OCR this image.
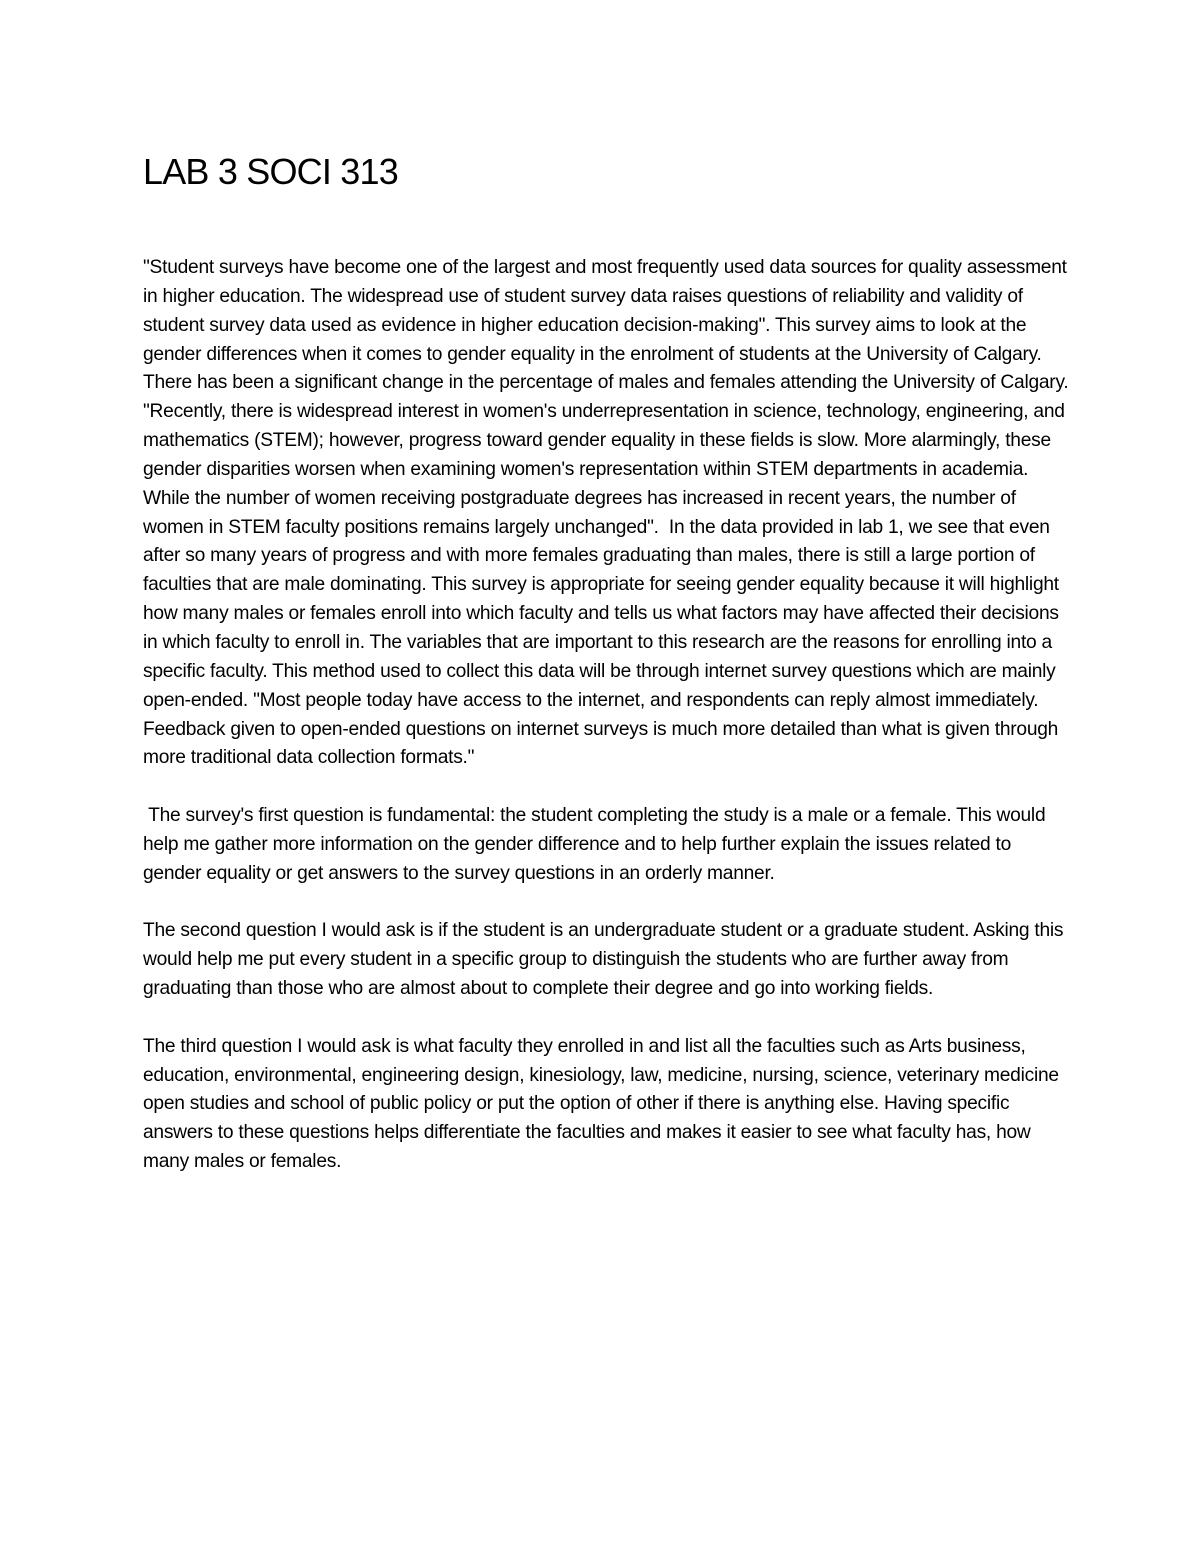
LAB 3 SOCI 313

"Student surveys have become one of the largest and most frequently used data sources for quality assessment in higher education. The widespread use of student survey data raises questions of reliability and validity of student survey data used as evidence in higher education decision-making". This survey aims to look at the gender differences when it comes to gender equality in the enrolment of students at the University of Calgary. There has been a significant change in the percentage of males and females attending the University of Calgary. "Recently, there is widespread interest in women's underrepresentation in science, technology, engineering, and mathematics (STEM); however, progress toward gender equality in these fields is slow. More alarmingly, these gender disparities worsen when examining women's representation within STEM departments in academia. While the number of women receiving postgraduate degrees has increased in recent years, the number of women in STEM faculty positions remains largely unchanged".  In the data provided in lab 1, we see that even after so many years of progress and with more females graduating than males, there is still a large portion of faculties that are male dominating. This survey is appropriate for seeing gender equality because it will highlight how many males or females enroll into which faculty and tells us what factors may have affected their decisions in which faculty to enroll in. The variables that are important to this research are the reasons for enrolling into a specific faculty. This method used to collect this data will be through internet survey questions which are mainly open-ended. "Most people today have access to the internet, and respondents can reply almost immediately. Feedback given to open-ended questions on internet surveys is much more detailed than what is given through more traditional data collection formats."

The survey's first question is fundamental: the student completing the study is a male or a female. This would help me gather more information on the gender difference and to help further explain the issues related to gender equality or get answers to the survey questions in an orderly manner.

The second question I would ask is if the student is an undergraduate student or a graduate student. Asking this would help me put every student in a specific group to distinguish the students who are further away from graduating than those who are almost about to complete their degree and go into working fields.

The third question I would ask is what faculty they enrolled in and list all the faculties such as Arts business, education, environmental, engineering design, kinesiology, law, medicine, nursing, science, veterinary medicine open studies and school of public policy or put the option of other if there is anything else. Having specific answers to these questions helps differentiate the faculties and makes it easier to see what faculty has, how many males or females.
